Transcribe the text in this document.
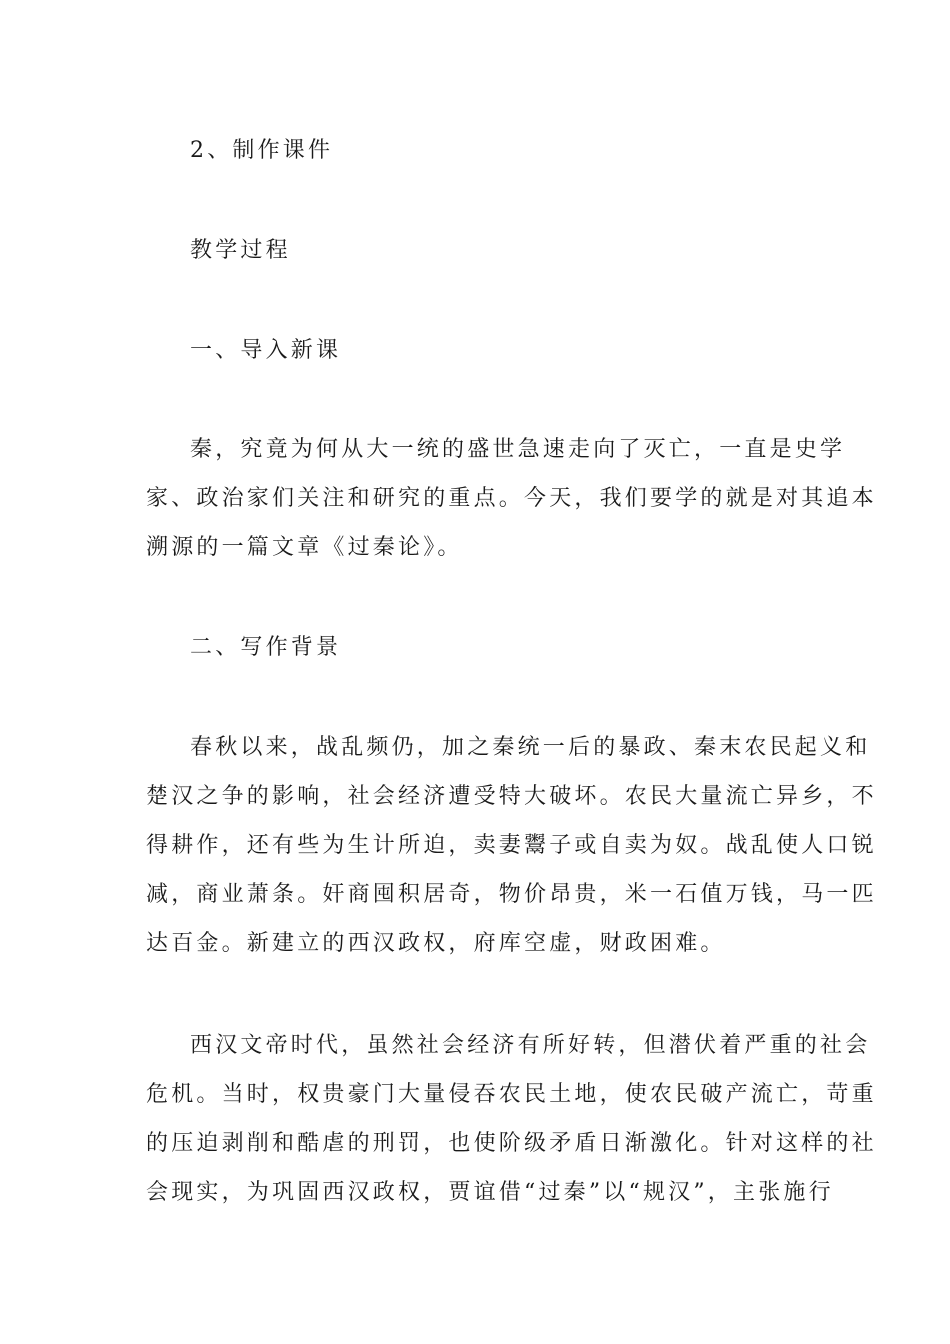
2、制作课件
教学过程
一、导入新课
秦，究竟为何从大一统的盛世急速走向了灭亡，一直是史学
家、政治家们关注和研究的重点。今天，我们要学的就是对其追本
溯源的一篇文章《过秦论》。
二、写作背景
春秋以来，战乱频仍，加之秦统一后的暴政、秦末农民起义和
楚汉之争的影响，社会经济遭受特大破坏。农民大量流亡异乡，不
得耕作，还有些为生计所迫，卖妻鬻子或自卖为奴。战乱使人口锐
减，商业萧条。奸商囤积居奇，物价昂贵，米一石值万钱，马一匹
达百金。新建立的西汉政权，府库空虚，财政困难。
西汉文帝时代，虽然社会经济有所好转，但潜伏着严重的社会
危机。当时，权贵豪门大量侵吞农民土地，使农民破产流亡，苛重
的压迫剥削和酷虐的刑罚，也使阶级矛盾日渐激化。针对这样的社
会现实，为巩固西汉政权，贾谊借“过秦”以“规汉”，主张施行
